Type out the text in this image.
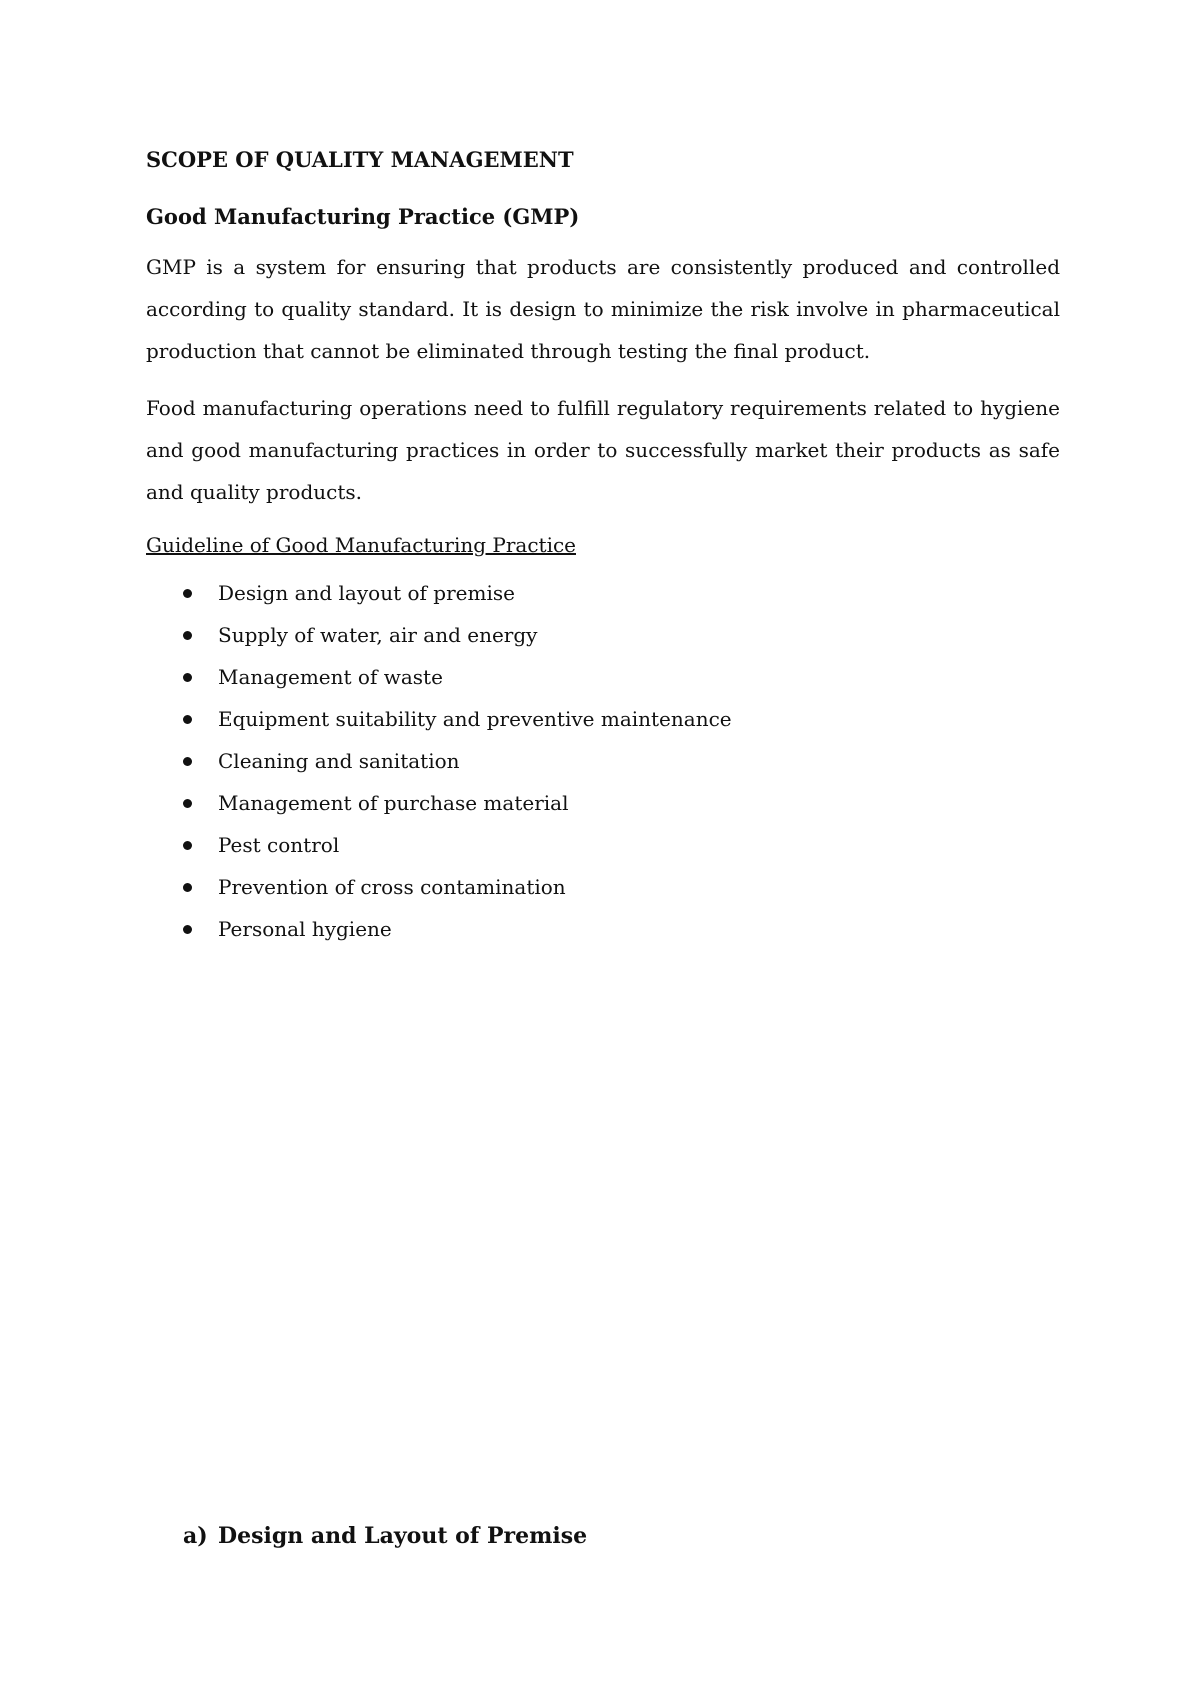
SCOPE OF QUALITY MANAGEMENT
Good Manufacturing Practice (GMP)

GMP is a system for ensuring that products are consistently produced and controlled according to quality standard. It is design to minimize the risk involve in pharmaceutical production that cannot be eliminated through testing the final product.

Food manufacturing operations need to fulfill regulatory requirements related to hygiene and good manufacturing practices in order to successfully market their products as safe and quality products.

Guideline of Good Manufacturing Practice
Design and layout of premise
Supply of water, air and energy
Management of waste
Equipment suitability and preventive maintenance
Cleaning and sanitation
Management of purchase material
Pest control
Prevention of cross contamination
Personal hygiene
a) Design and Layout of Premise
